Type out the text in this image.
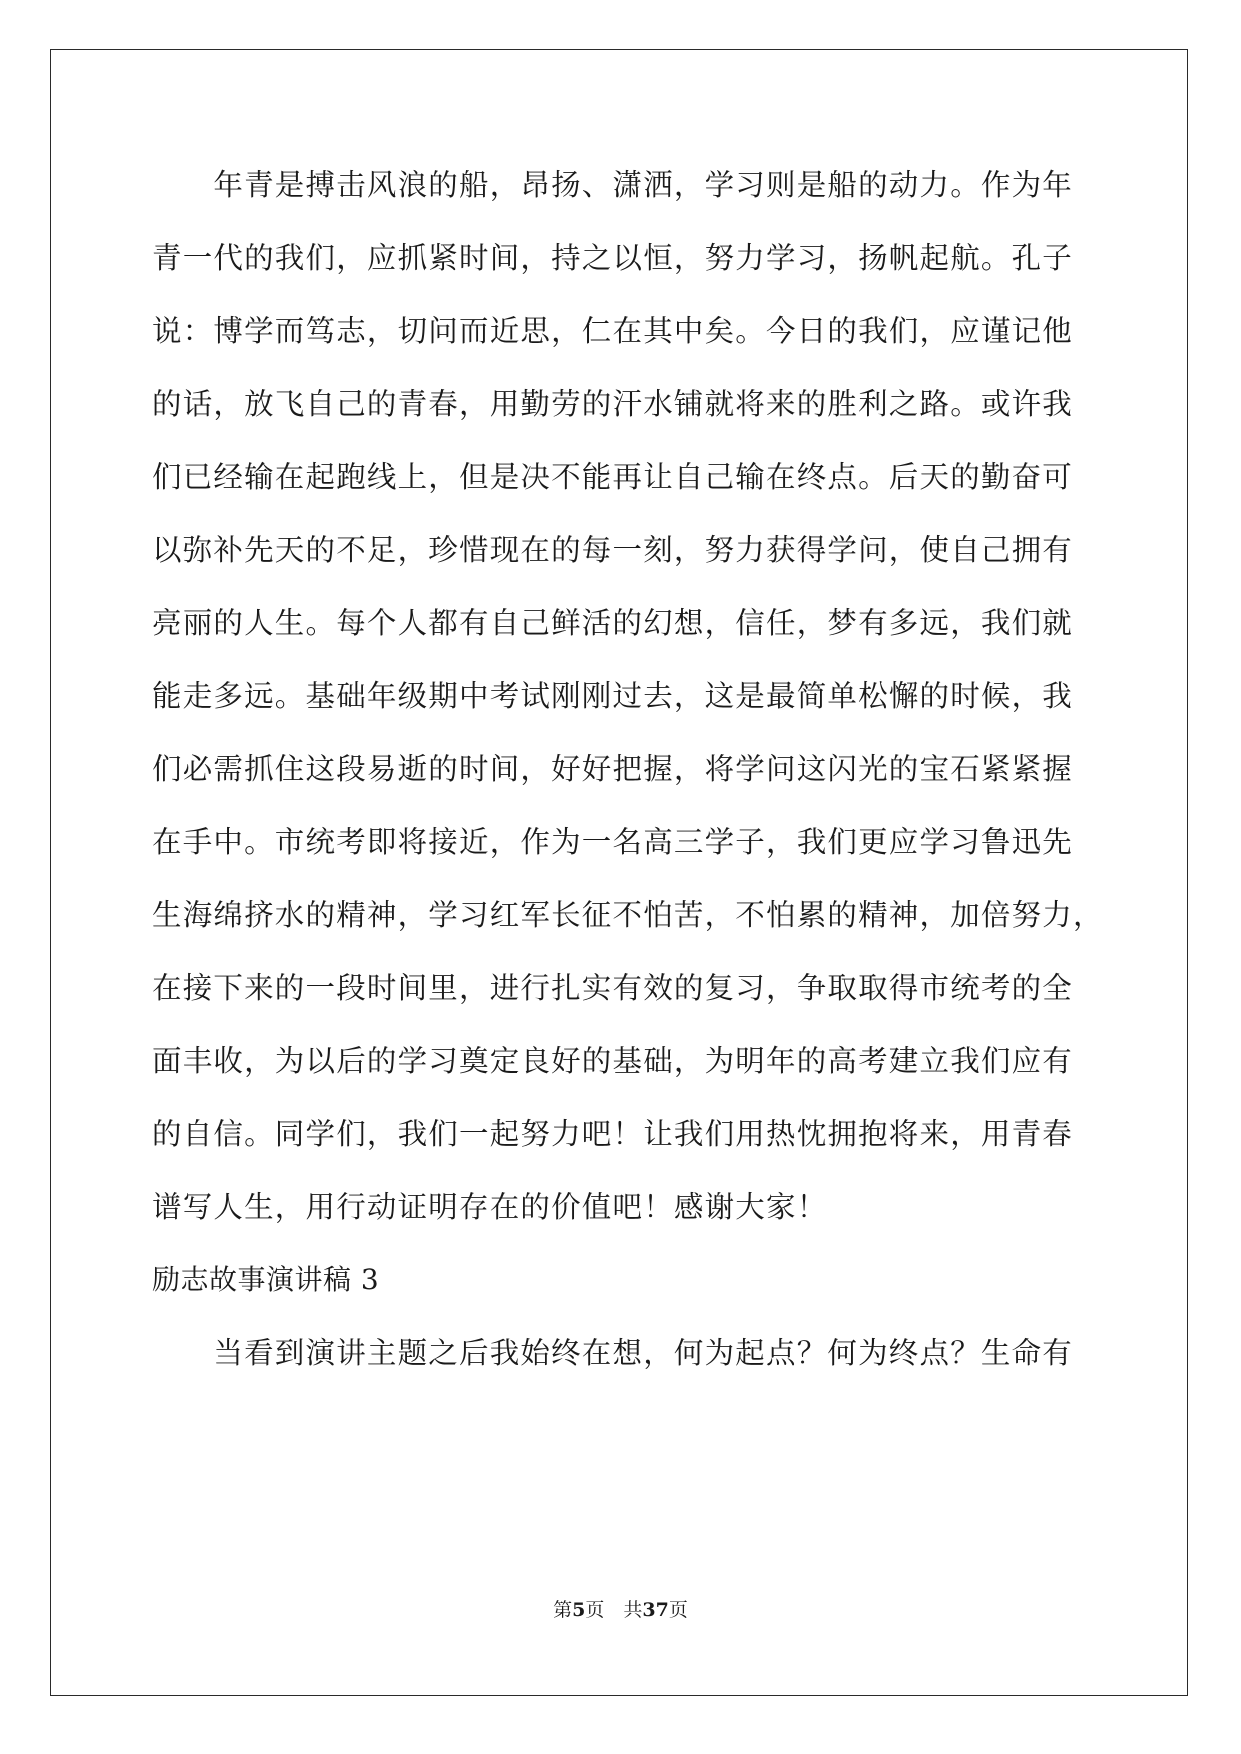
　　年青是搏击风浪的船，昂扬、潇洒，学习则是船的动力。作为年
青一代的我们，应抓紧时间，持之以恒，努力学习，扬帆起航。孔子
说：博学而笃志，切问而近思，仁在其中矣。今日的我们，应谨记他
的话，放飞自己的青春，用勤劳的汗水铺就将来的胜利之路。或许我
们已经输在起跑线上，但是决不能再让自己输在终点。后天的勤奋可
以弥补先天的不足，珍惜现在的每一刻，努力获得学问，使自己拥有
亮丽的人生。每个人都有自己鲜活的幻想，信任，梦有多远，我们就
能走多远。基础年级期中考试刚刚过去，这是最简单松懈的时候，我
们必需抓住这段易逝的时间，好好把握，将学问这闪光的宝石紧紧握
在手中。市统考即将接近，作为一名高三学子，我们更应学习鲁迅先
生海绵挤水的精神，学习红军长征不怕苦，不怕累的精神，加倍努力，
在接下来的一段时间里，进行扎实有效的复习，争取取得市统考的全
面丰收，为以后的学习奠定良好的基础，为明年的高考建立我们应有
的自信。同学们，我们一起努力吧！让我们用热忱拥抱将来，用青春
谱写人生，用行动证明存在的价值吧！感谢大家！
励志故事演讲稿 3
　　当看到演讲主题之后我始终在想，何为起点？何为终点？生命有
第5页　共37页
